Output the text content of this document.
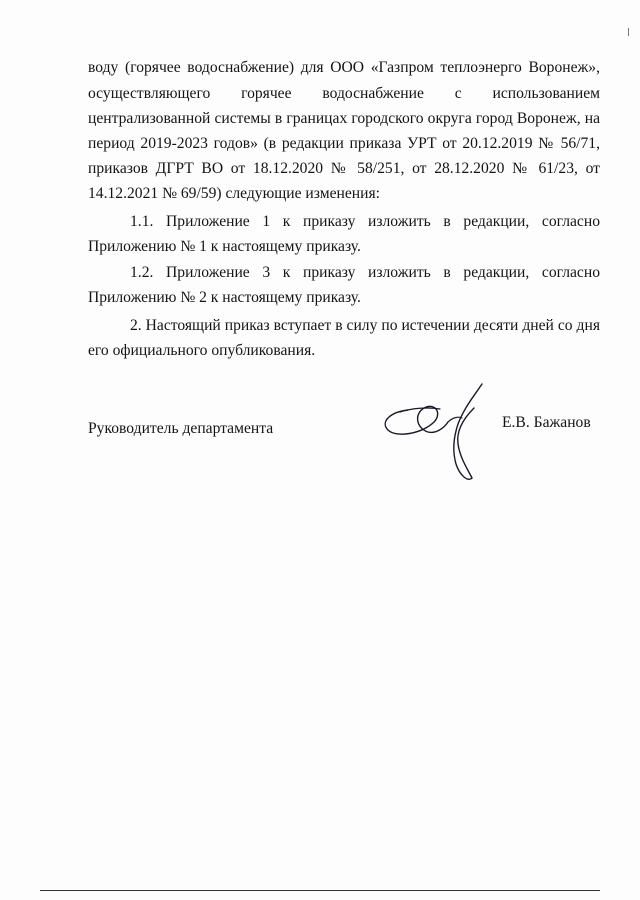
воду (горячее водоснабжение) для ООО «Газпром теплоэнерго Воронеж»,
осуществляющего горячее водоснабжение с использованием
централизованной системы в границах городского округа город Воронеж, на
период 2019-2023 годов» (в редакции приказа УРТ от 20.12.2019 № 56/71,
приказов ДГРТ ВО от 18.12.2020 № 58/251, от 28.12.2020 № 61/23, от
14.12.2021 № 69/59) следующие изменения:
1.1. Приложение 1 к приказу изложить в редакции, согласно
Приложению № 1 к настоящему приказу.
1.2. Приложение 3 к приказу изложить в редакции, согласно
Приложению № 2 к настоящему приказу.
2. Настоящий приказ вступает в силу по истечении десяти дней со дня
его официального опубликования.
Руководитель департамента	Е.В. Бажанов
